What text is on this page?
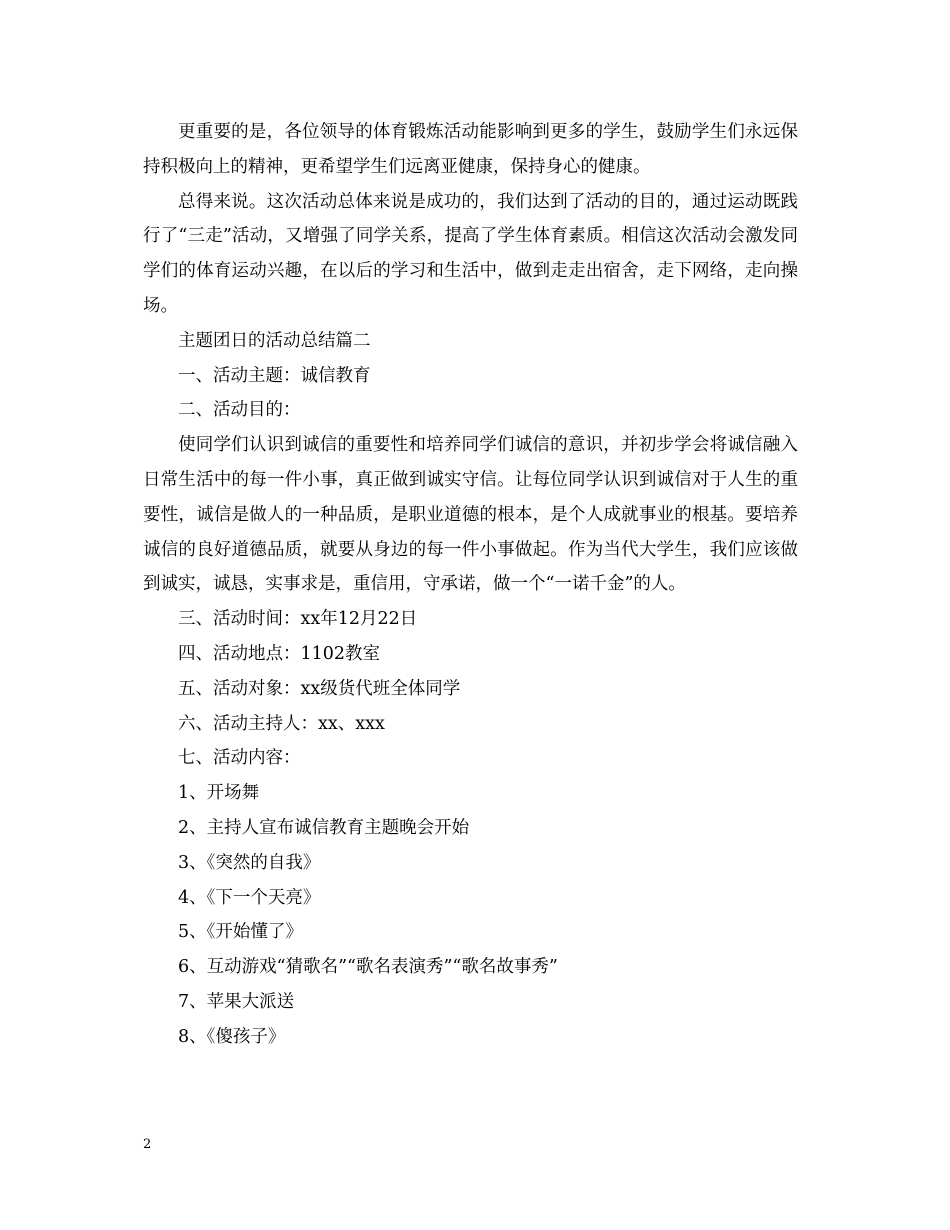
更重要的是，各位领导的体育锻炼活动能影响到更多的学生，鼓励学生们永远保持积极向上的精神，更希望学生们远离亚健康，保持身心的健康。

总得来说。这次活动总体来说是成功的，我们达到了活动的目的，通过运动既践行了“三走”活动，又增强了同学关系，提高了学生体育素质。相信这次活动会激发同学们的体育运动兴趣，在以后的学习和生活中，做到走走出宿舍，走下网络，走向操场。

主题团日的活动总结篇二

一、活动主题：诚信教育

二、活动目的：

使同学们认识到诚信的重要性和培养同学们诚信的意识，并初步学会将诚信融入日常生活中的每一件小事，真正做到诚实守信。让每位同学认识到诚信对于人生的重要性，诚信是做人的一种品质，是职业道德的根本，是个人成就事业的根基。要培养诚信的良好道德品质，就要从身边的每一件小事做起。作为当代大学生，我们应该做到诚实，诚恳，实事求是，重信用，守承诺，做一个“一诺千金”的人。

三、活动时间：xx年12月22日

四、活动地点：1102教室

五、活动对象：xx级货代班全体同学

六、活动主持人：xx、xxx

七、活动内容：

1、开场舞

2、主持人宣布诚信教育主题晚会开始

3、《突然的自我》

4、《下一个天亮》

5、《开始懂了》

6、互动游戏“猜歌名”“歌名表演秀”“歌名故事秀”

7、苹果大派送

8、《傻孩子》

2
